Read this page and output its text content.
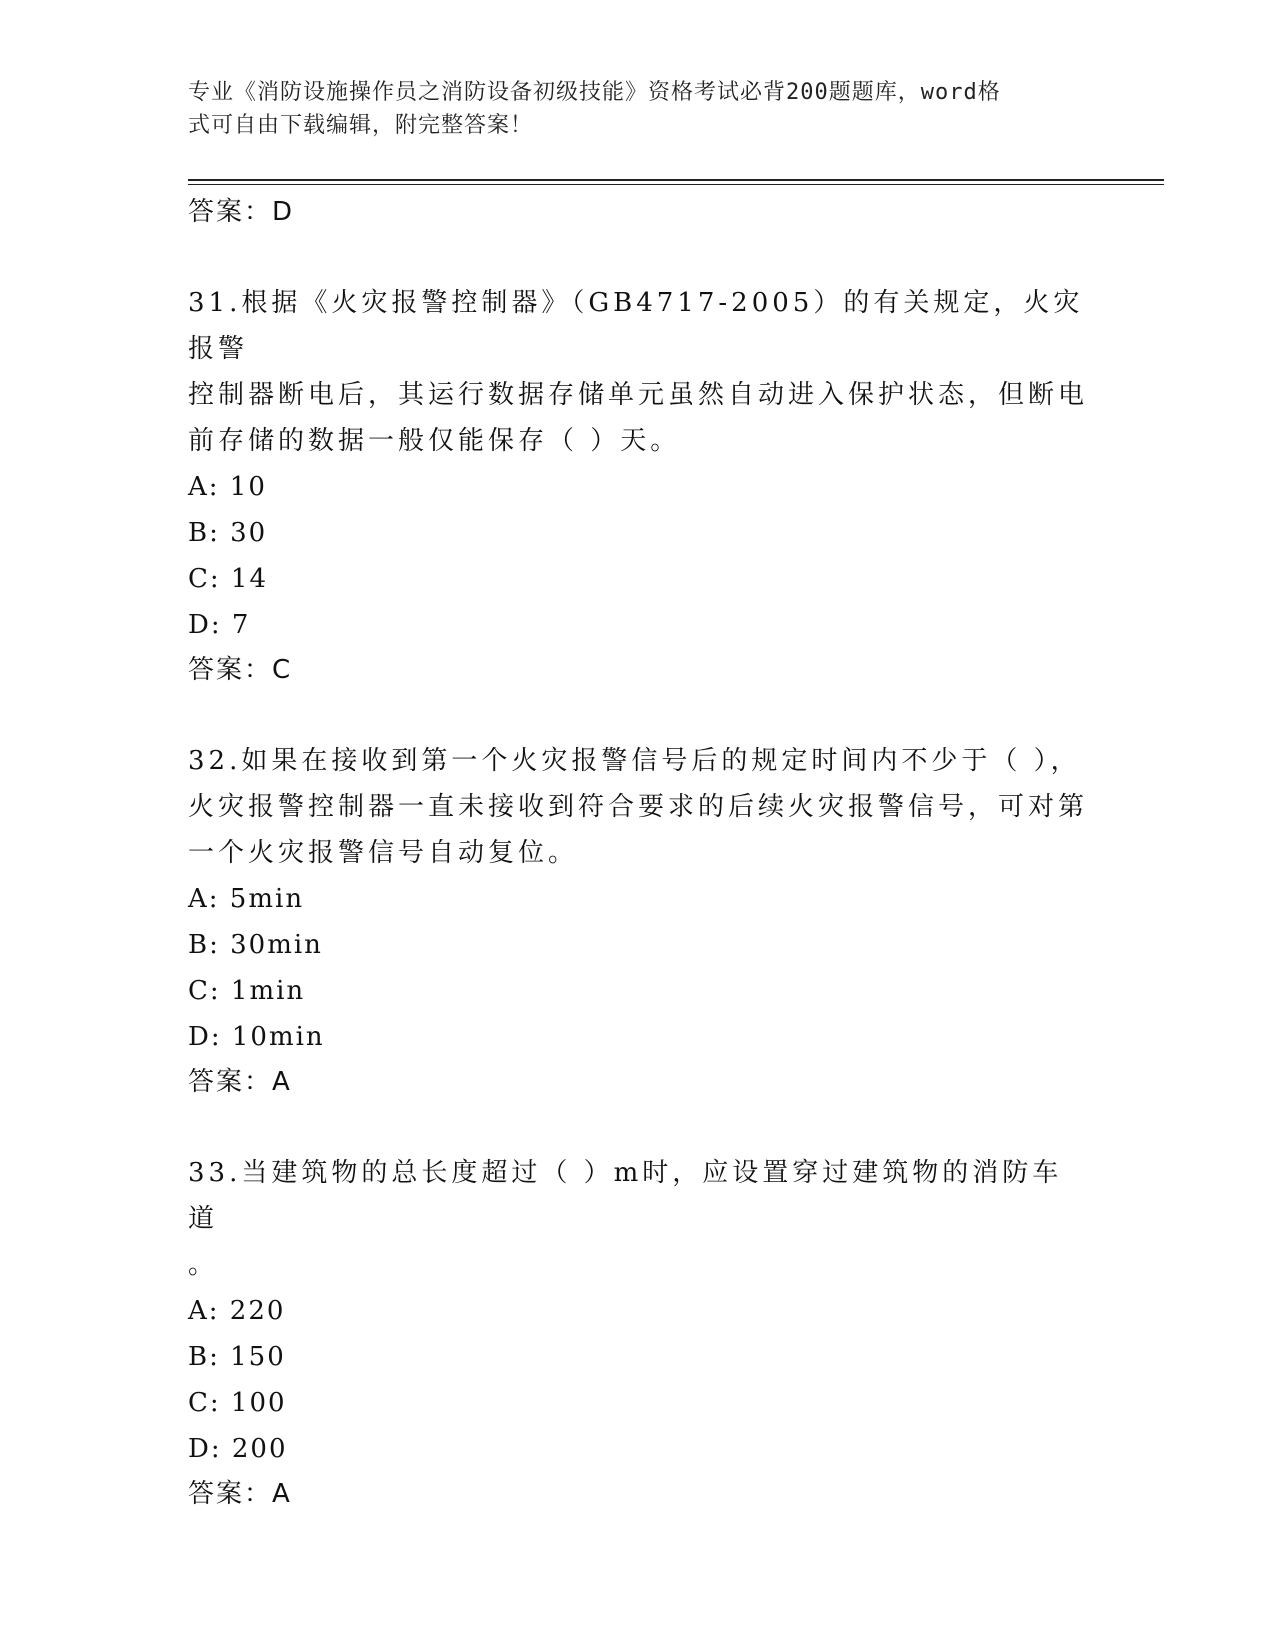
专业《消防设施操作员之消防设备初级技能》资格考试必背200题题库，word格
式可自由下载编辑，附完整答案！
答案：D
31.根据《火灾报警控制器》（GB4717-2005）的有关规定，火灾报警
控制器断电后，其运行数据存储单元虽然自动进入保护状态，但断电
前存储的数据一般仅能保存（ ）天。
A: 10
B: 30
C: 14
D: 7
答案：C
32.如果在接收到第一个火灾报警信号后的规定时间内不少于（ ），
火灾报警控制器一直未接收到符合要求的后续火灾报警信号，可对第
一个火灾报警信号自动复位。
A: 5min
B: 30min
C: 1min
D: 10min
答案：A
33.当建筑物的总长度超过（ ）m时，应设置穿过建筑物的消防车道
。
A: 220
B: 150
C: 100
D: 200
答案：A
